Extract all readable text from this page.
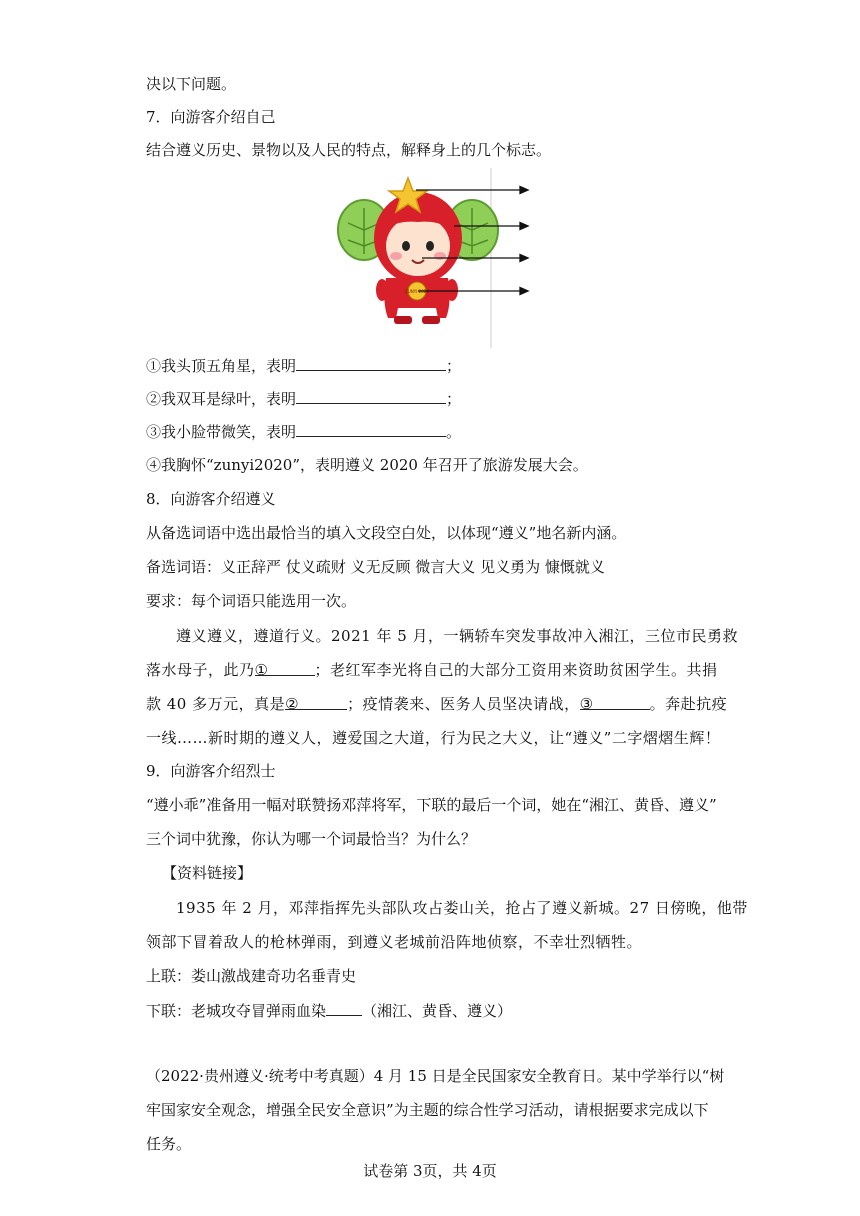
决以下问题。
7．向游客介绍自己
结合遵义历史、景物以及人民的特点，解释身上的几个标志。
ZUNYI 2020
①我头顶五角星，表明	；
②我双耳是绿叶，表明	；
③我小脸带微笑，表明	。
④我胸怀“zunyi2020”，表明遵义 2020 年召开了旅游发展大会。
8．向游客介绍遵义
从备选词语中选出最恰当的填入文段空白处，以体现“遵义”地名新内涵。
备选词语：义正辞严 仗义疏财 义无反顾 微言大义 见义勇为 慷慨就义
要求：每个词语只能选用一次。
遵义遵义，遵道行义。2021 年 5 月，一辆轿车突发事故冲入湘江，三位市民勇救
落水母子，此乃①	；老红军李光将自己的大部分工资用来资助贫困学生。共捐
款 40 多万元，真是②	；疫情袭来、医务人员坚决请战，③	。奔赴抗疫
一线……新时期的遵义人，遵爱国之大道，行为民之大义，让“遵义”二字熠熠生辉！
9．向游客介绍烈士
“遵小乖”准备用一幅对联赞扬邓萍将军，下联的最后一个词，她在“湘江、黄昏、遵义”
三个词中犹豫，你认为哪一个词最恰当？为什么？
【资料链接】
1935 年 2 月，邓萍指挥先头部队攻占娄山关，抢占了遵义新城。27 日傍晚，他带
领部下冒着敌人的枪林弹雨，到遵义老城前沿阵地侦察，不幸壮烈牺牲。
上联：娄山激战建奇功名垂青史
下联：老城攻夺冒弹雨血染 （湘江、黄昏、遵义）
（2022·贵州遵义·统考中考真题）4 月 15 日是全民国家安全教育日。某中学举行以“树
牢国家安全观念，增强全民安全意识”为主题的综合性学习活动，请根据要求完成以下
任务。
试卷第 3页，共 4页
